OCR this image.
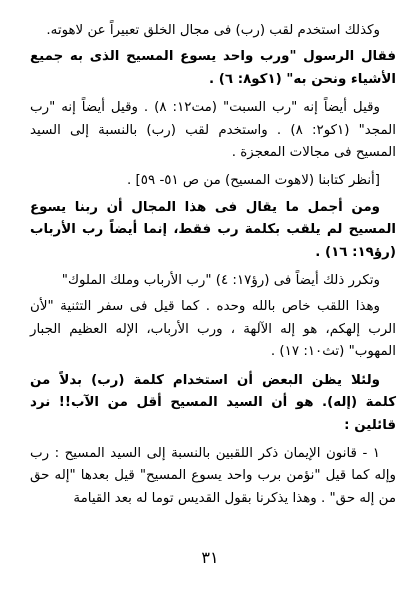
وكذلك استخدم لقب (رب) فى مجال الخلق تعبيراً عن لاهوته.

فقال الرسول "ورب واحد يسوع المسيح الذى به جميع الأشياء ونحن به" (١كو٨: ٦) .

وقيل أيضاً إنه "رب السبت" (مت١٢: ٨) . وقيل أيضاً إنه "رب المجد" (١كو٢: ٨) . واستخدم لقب (رب) بالنسبة إلى السيد المسيح فى مجالات المعجزة .

[أنظر كتابنا (لاهوت المسيح) من ص ٥١- ٥٩] .

ومن أجمل ما يقال فى هذا المجال أن ربنا يسوع المسيح لم يلقب بكلمة رب فقط، إنما أيضاً رب الأرباب (رؤ١٩: ١٦) .

وتكرر ذلك أيضاً فى (رؤ١٧: ٤) "رب الأرباب وملك الملوك"

وهذا اللقب خاص بالله وحده . كما قيل فى سفر التثنية "لأن الرب إلهكم، هو إله الآلهة ، ورب الأرباب، الإله العظيم الجبار المهوب" (تث١٠: ١٧) .

ولئلا يظن البعض أن استخدام كلمة (رب) بدلاً من كلمة (إله). هو أن السيد المسيح أقل من الآب!! نرد قائلين :

١ - قانون الإيمان ذكر اللقبين بالنسبة إلى السيد المسيح : رب وإله كما قيل "نؤمن برب واحد يسوع المسيح" قيل بعدها "إله حق من إله حق" . وهذا يذكرنا بقول القديس توما له بعد القيامة

٣١
